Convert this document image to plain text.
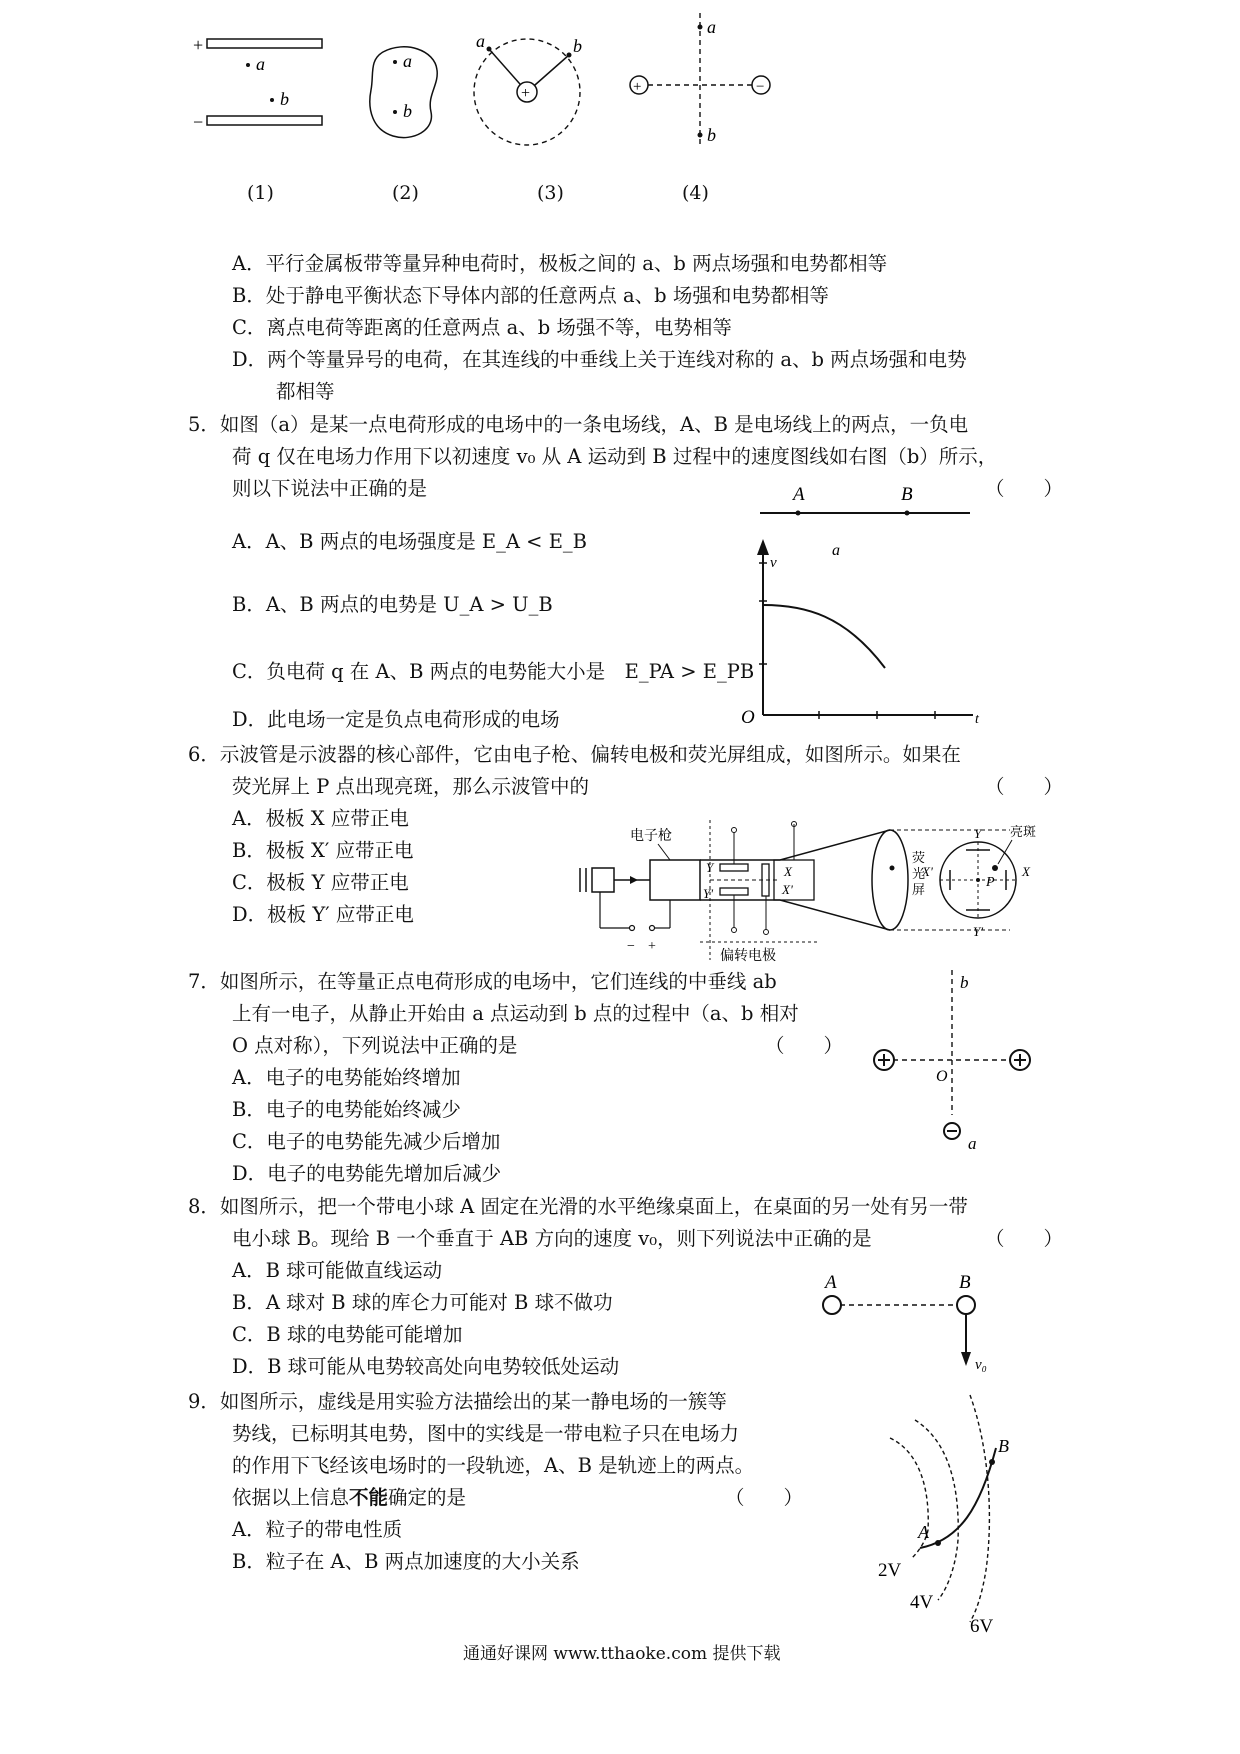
+
a
b
−
a
b
+
a	b
+	−
a
b
(1)	(2)	(3)	(4)
A．平行金属板带等量异种电荷时，极板之间的 a、b 两点场强和电势都相等
B．处于静电平衡状态下导体内部的任意两点 a、b 场强和电势都相等
C．离点电荷等距离的任意两点 a、b 场强不等，电势相等
D．两个等量异号的电荷，在其连线的中垂线上关于连线对称的 a、b 两点场强和电势
都相等
5．如图（a）是某一点电荷形成的电场中的一条电场线，A、B 是电场线上的两点，一负电
荷 q 仅在电场力作用下以初速度 v₀ 从 A 运动到 B 过程中的速度图线如右图（b）所示，
则以下说法中正确的是	（　　）
A．A、B 两点的电场强度是 E_A < E_B
B．A、B 两点的电势是 U_A > U_B
C．负电荷 q 在 A、B 两点的电势能大小是　E_PA > E_PB
D．此电场一定是负点电荷形成的电场
A	B
a
v
t
O
6．示波管是示波器的核心部件，它由电子枪、偏转电极和荧光屏组成，如图所示。如果在
荧光屏上 P 点出现亮斑，那么示波管中的	（　　）
A．极板 X 应带正电
B．极板 X′ 应带正电
C．极板 Y 应带正电
D．极板 Y′ 应带正电
− +
电子枪
Y
Y'
X
X'
偏转电极
荧
光
屏	P
Y
Y'
X'	X
亮斑
7．如图所示，在等量正点电荷形成的电场中，它们连线的中垂线 ab
上有一电子，从静止开始由 a 点运动到 b 点的过程中（a、b 相对
O 点对称），下列说法中正确的是	（　　）
A．电子的电势能始终增加
B．电子的电势能始终减少
C．电子的电势能先减少后增加
D．电子的电势能先增加后减少
b
O
a
8．如图所示，把一个带电小球 A 固定在光滑的水平绝缘桌面上，在桌面的另一处有另一带
电小球 B。现给 B 一个垂直于 AB 方向的速度 v₀，则下列说法中正确的是	（　　）
A．B 球可能做直线运动
B．A 球对 B 球的库仑力可能对 B 球不做功
C．B 球的电势能可能增加
D．B 球可能从电势较高处向电势较低处运动
A	B
v₀
9．如图所示，虚线是用实验方法描绘出的某一静电场的一簇等
势线，已标明其电势，图中的实线是一带电粒子只在电场力
的作用下飞经该电场时的一段轨迹，A、B 是轨迹上的两点。
依据以上信息不能确定的是	（　　）
A．粒子的带电性质
B．粒子在 A、B 两点加速度的大小关系
A
B
2V
4V
6V
通通好课网 www.tthaoke.com 提供下载
